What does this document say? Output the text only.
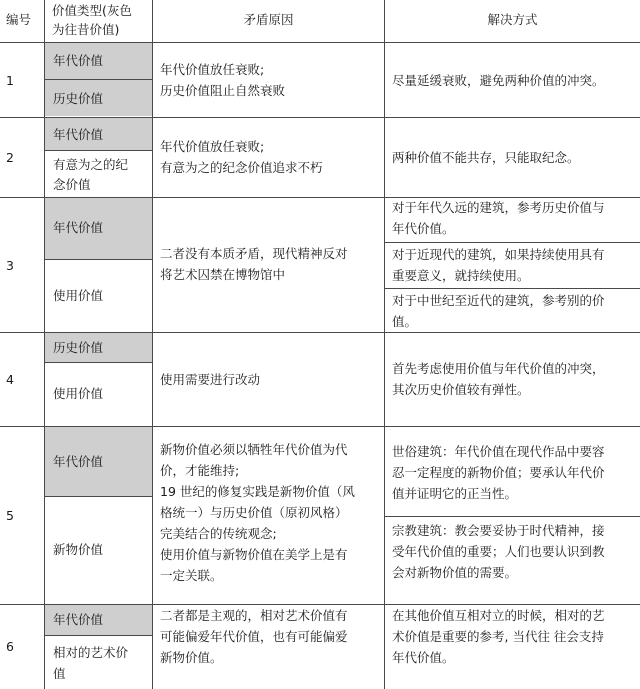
编号
价值类型(灰色
为往昔价值)
矛盾原因	解决方式
1
年代价值
历史价值
年代价值放任衰败;
历史价值阻止自然衰败
尽量延缓衰败，避免两种价值的冲突。
2
年代价值
有意为之的纪
念价值
年代价值放任衰败;
有意为之的纪念价值追求不朽
两种价值不能共存，只能取纪念。
3
年代价值
使用价值
二者没有本质矛盾，现代精神反对
将艺术囚禁在博物馆中
对于年代久远的建筑，参考历史价值与
年代价值。
对于近现代的建筑，如果持续使用具有
重要意义，就持续使用。
对于中世纪至近代的建筑，参考别的价
值。
4
历史价值
使用价值
使用需要进行改动
首先考虑使用价值与年代价值的冲突，
其次历史价值较有弹性。
5
年代价值
新物价值
新物价值必须以牺牲年代价值为代
价，才能维持;
19 世纪的修复实践是新物价值（风
格统一）与历史价值（原初风格）
完美结合的传统观念;
使用价值与新物价值在美学上是有
一定关联。
世俗建筑：年代价值在现代作品中要容
忍一定程度的新物价值；要承认年代价
值并证明它的正当性。
宗教建筑：教会要妥协于时代精神，接
受年代价值的重要；人们也要认识到教
会对新物价值的需要。
6
年代价值
相对的艺术价
值
二者都是主观的，相对艺术价值有
可能偏爱年代价值，也有可能偏爱
新物价值。
在其他价值互相对立的时候，相对的艺
术价值是重要的参考, 当代往 往会支持
年代价值。
